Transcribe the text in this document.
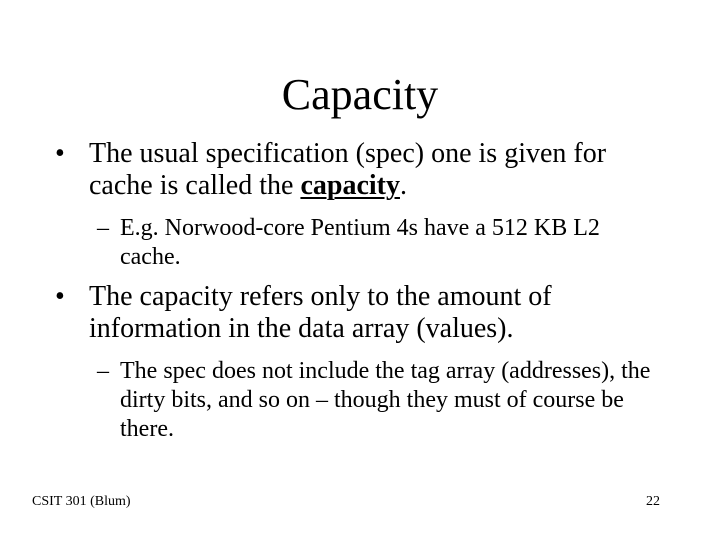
Capacity
• The usual specification (spec) one is given for cache is called the capacity.
– E.g. Norwood-core Pentium 4s have a 512 KB L2 cache.
• The capacity refers only to the amount of information in the data array (values).
– The spec does not include the tag array (addresses), the dirty bits, and so on – though they must of course be there.
CSIT 301 (Blum)	22
